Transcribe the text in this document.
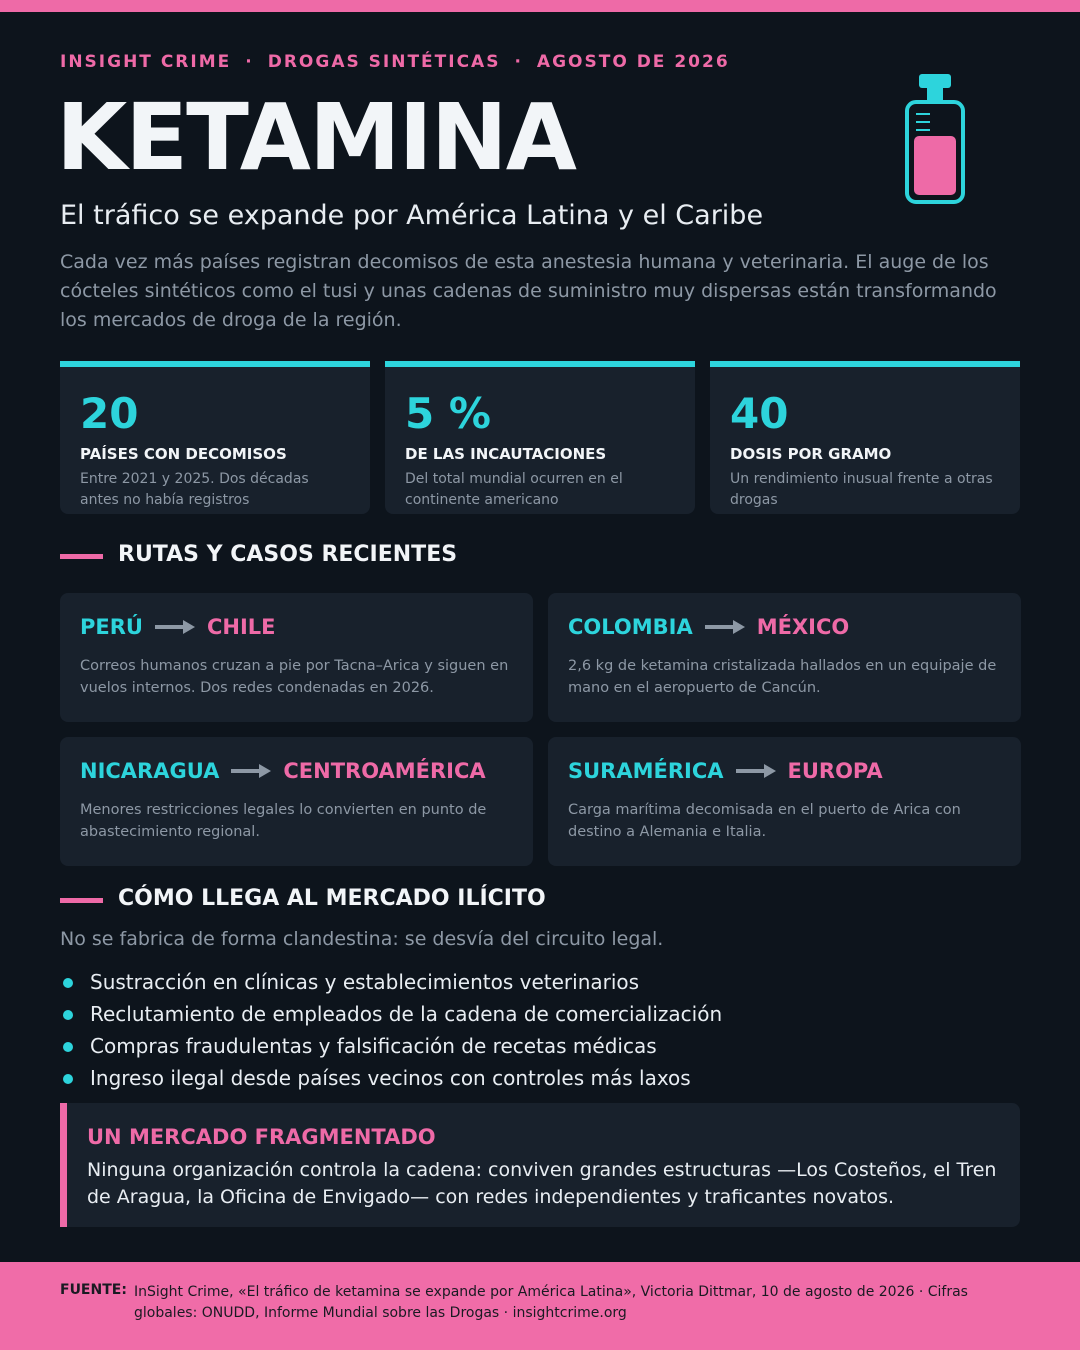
INSIGHT CRIME · DROGAS SINTÉTICAS · AGOSTO DE 2026
KETAMINA
El tráfico se expande por América Latina y el Caribe
Cada vez más países registran decomisos de esta anestesia humana y veterinaria. El auge de los cócteles sintéticos como el tusi y unas cadenas de suministro muy dispersas están transformando los mercados de droga de la región.
20
PAÍSES CON DECOMISOS
Entre 2021 y 2025. Dos décadas antes no había registros
5 %
DE LAS INCAUTACIONES
Del total mundial ocurren en el continente americano
40
DOSIS POR GRAMO
Un rendimiento inusual frente a otras drogas
RUTAS Y CASOS RECIENTES
PERÚ	CHILE
Correos humanos cruzan a pie por Tacna–Arica y siguen en vuelos internos. Dos redes condenadas en 2026.
COLOMBIA	MÉXICO
2,6 kg de ketamina cristalizada hallados en un equipaje de mano en el aeropuerto de Cancún.
NICARAGUA	CENTROAMÉRICA
Menores restricciones legales lo convierten en punto de abastecimiento regional.
SURAMÉRICA	EUROPA
Carga marítima decomisada en el puerto de Arica con destino a Alemania e Italia.
CÓMO LLEGA AL MERCADO ILÍCITO
No se fabrica de forma clandestina: se desvía del circuito legal.
Sustracción en clínicas y establecimientos veterinarios
Reclutamiento de empleados de la cadena de comercialización
Compras fraudulentas y falsificación de recetas médicas
Ingreso ilegal desde países vecinos con controles más laxos
UN MERCADO FRAGMENTADO
Ninguna organización controla la cadena: conviven grandes estructuras —Los Costeños, el Tren de Aragua, la Oficina de Envigado— con redes independientes y traficantes novatos.
FUENTE: InSight Crime, «El tráfico de ketamina se expande por América Latina», Victoria Dittmar, 10 de agosto de 2026 · Cifras globales: ONUDD, Informe Mundial sobre las Drogas · insightcrime.org
